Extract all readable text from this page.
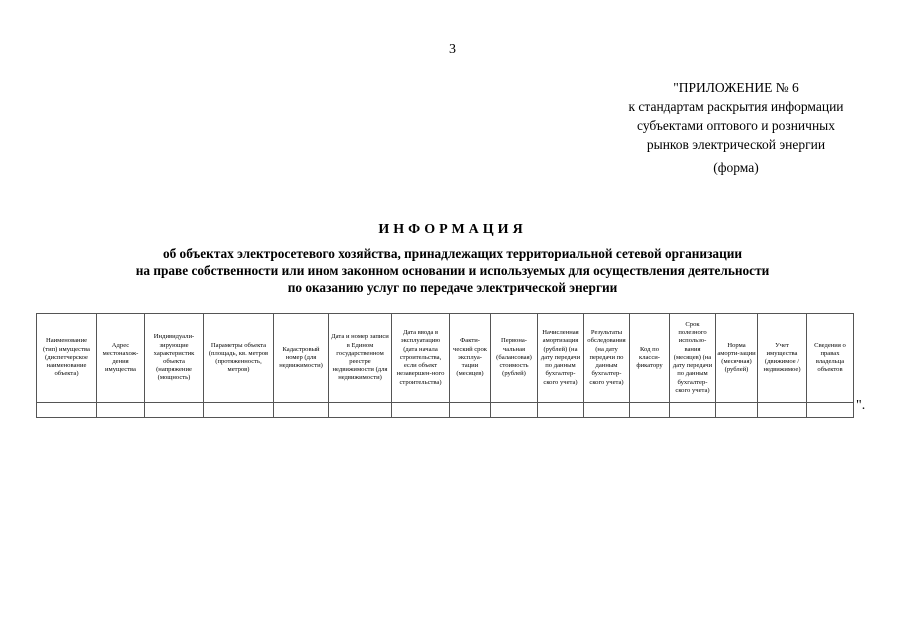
3
"ПРИЛОЖЕНИЕ № 6
к стандартам раскрытия информации
субъектами оптового и розничных
рынков электрической энергии
(форма)
ИНФОРМАЦИЯ
об объектах электросетевого хозяйства, принадлежащих территориальной сетевой организации
на праве собственности или ином законном основании и используемых для осуществления деятельности
по оказанию услуг по передаче электрической энергии
Наименование (тип) имущества (диспетчерское наименование объекта)	Адрес местонахож-дения имущества	Индивидуали-зирующие характеристик объекта (напряжение (мощность)	Параметры объекта (площадь, кв. метров (протяженность, метров)	Кадастровый номер (для недвижимости)	Дата и номер записи в Едином государственном реестре недвижимости (для недвижимости)	Дата ввода в эксплуатацию (дата начала строительства, если объект незавершен-ного строительства)	Факти-ческий срок эксплуа-тации (месяцев)	Первона-чальная (балансовая) стоимость (рублей)	Начисленная амортизация (рублей) (на дату передачи по данным бухгалтер-ского учета)	Результаты обследования (на дату передачи по данным бухгалтер-ского учета)	Код по класси-фикатору	Срок полезного использо-вания (месяцев) (на дату передачи по данным бухгалтер-ского учета)	Норма аморти-зации (месячная) (рублей)	Учет имущества (движимое /недвижимое)	Сведения о правах владельца объектов

".
